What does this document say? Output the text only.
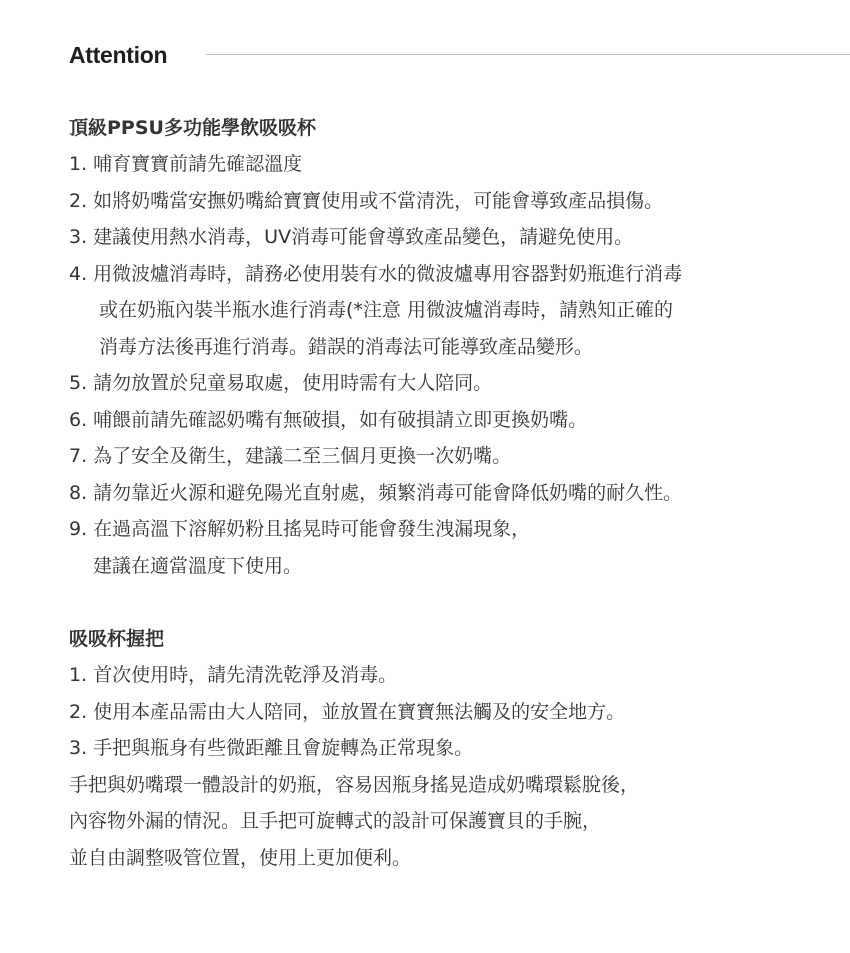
Attention
頂級PPSU多功能學飲吸吸杯
1. 哺育寶寶前請先確認溫度
2. 如將奶嘴當安撫奶嘴給寶寶使用或不當清洗，可能會導致產品損傷。
3. 建議使用熱水消毒，UV消毒可能會導致產品變色，請避免使用。
4. 用微波爐消毒時，請務必使用裝有水的微波爐專用容器對奶瓶進行消毒
或在奶瓶內裝半瓶水進行消毒(*注意 用微波爐消毒時，請熟知正確的
消毒方法後再進行消毒。錯誤的消毒法可能導致產品變形。
5. 請勿放置於兒童易取處，使用時需有大人陪同。
6. 哺餵前請先確認奶嘴有無破損，如有破損請立即更換奶嘴。
7. 為了安全及衛生，建議二至三個月更換一次奶嘴。
8. 請勿靠近火源和避免陽光直射處，頻繁消毒可能會降低奶嘴的耐久性。
9. 在過高溫下溶解奶粉且搖晃時可能會發生洩漏現象，
建議在適當溫度下使用。
吸吸杯握把
1. 首次使用時，請先清洗乾淨及消毒。
2. 使用本產品需由大人陪同，並放置在寶寶無法觸及的安全地方。
3. 手把與瓶身有些微距離且會旋轉為正常現象。
手把與奶嘴環一體設計的奶瓶，容易因瓶身搖晃造成奶嘴環鬆脫後，
內容物外漏的情況。且手把可旋轉式的設計可保護寶貝的手腕，
並自由調整吸管位置，使用上更加便利。
